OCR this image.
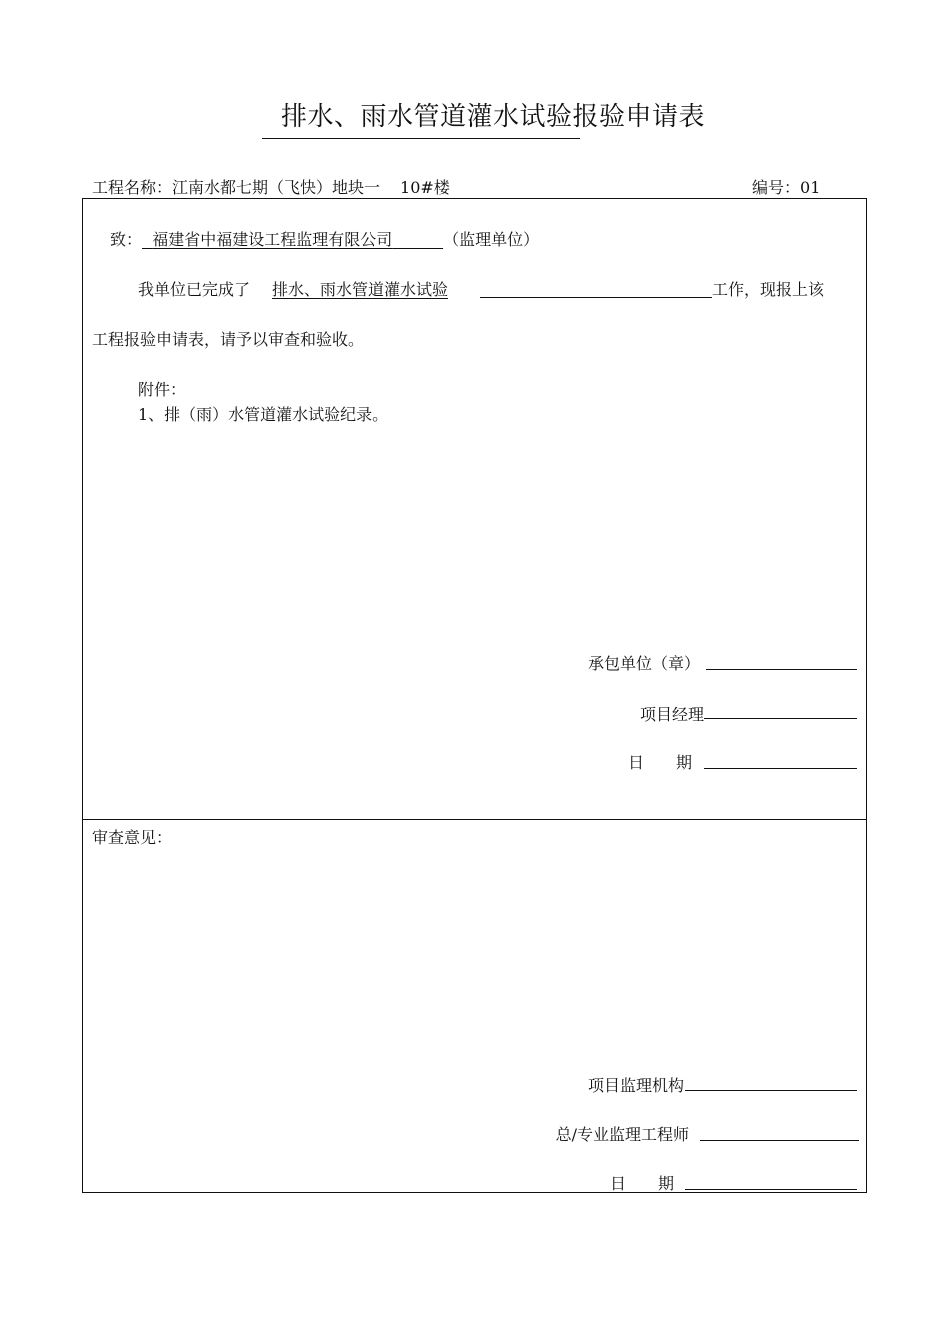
排水、雨水管道灌水试验报验申请表
工程名称：江南水都七期（飞快）地块一 10#楼	编号：01
致： 福建省中福建设工程监理有限公司	（监理单位）
我单位已完成了 排水、雨水管道灌水试验	工作，现报上该
工程报验申请表，请予以审查和验收。
附件：
1、排（雨）水管道灌水试验纪录。
承包单位（章）
项目经理
日　　期
审查意见：
项目监理机构
总/专业监理工程师
日　　期
